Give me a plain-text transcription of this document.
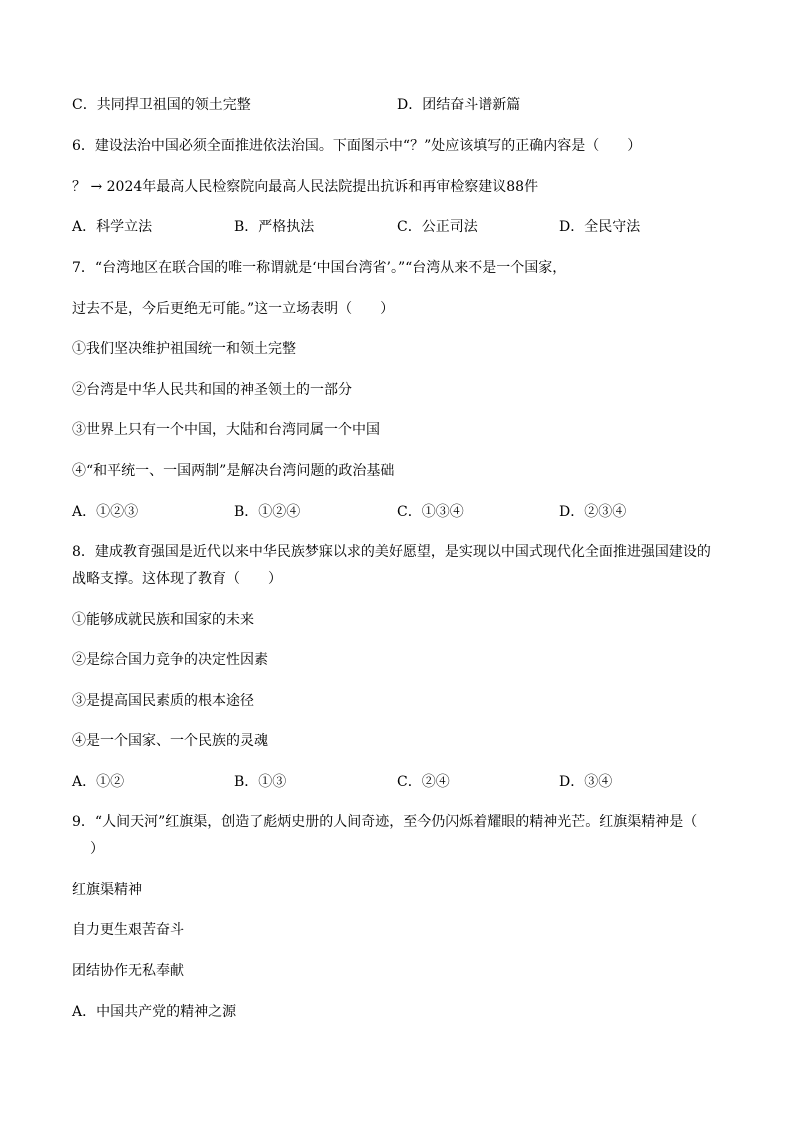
C．共同捍卫祖国的领土完整	D．团结奋斗谱新篇
6．建设法治中国必须全面推进依法治国。下面图示中“？”处应该填写的正确内容是（　　）
？ → 2024年最高人民检察院向最高人民法院提出抗诉和再审检察建议88件
A．科学立法	B．严格执法	C．公正司法	D．全民守法
7．“台湾地区在联合国的唯一称谓就是‘中国台湾省’。”“台湾从来不是一个国家，
过去不是，今后更绝无可能。”这一立场表明（　　）
①我们坚决维护祖国统一和领土完整
②台湾是中华人民共和国的神圣领土的一部分
③世界上只有一个中国，大陆和台湾同属一个中国
④“和平统一、一国两制”是解决台湾问题的政治基础
A．①②③	B．①②④	C．①③④	D．②③④
8．建成教育强国是近代以来中华民族梦寐以求的美好愿望，是实现以中国式现代化全面推进强国建设的
战略支撑。这体现了教育（　　）
①能够成就民族和国家的未来
②是综合国力竞争的决定性因素
③是提高国民素质的根本途径
④是一个国家、一个民族的灵魂
A．①②	B．①③	C．②④	D．③④
9．“人间天河”红旗渠，创造了彪炳史册的人间奇迹，至今仍闪烁着耀眼的精神光芒。红旗渠精神是（
）
红旗渠精神
自力更生艰苦奋斗
团结协作无私奉献
A．中国共产党的精神之源
